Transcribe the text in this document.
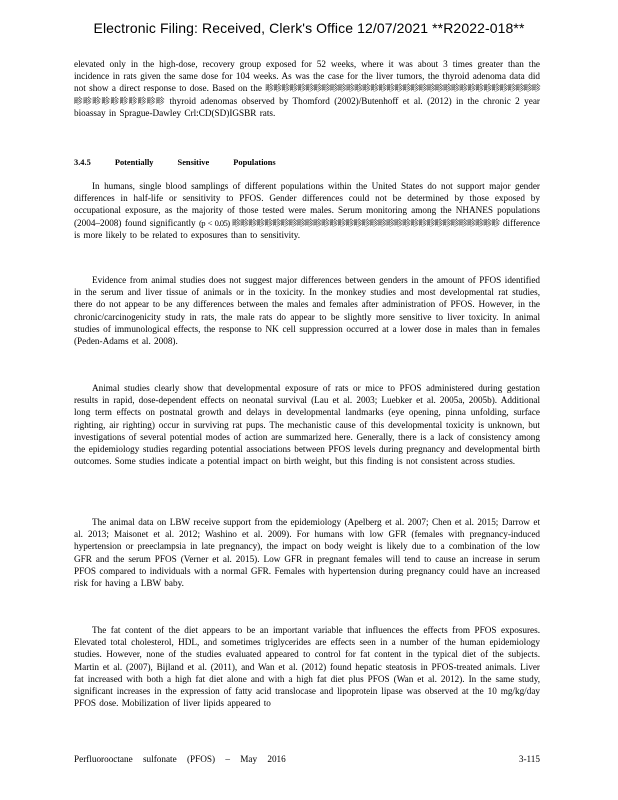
Electronic Filing: Received, Clerk's Office 12/07/2021 **R2022-018**

elevated only in the high-dose, recovery group exposed for 52 weeks, where it was about 3 times greater than the incidence in rats given the same dose for 104 weeks. As was the case for the liver tumors, the thyroid adenoma data did not show a direct response to dose. Based on the 畛畛畛畛畛畛畛畛畛畛畛畛畛畛畛畛畛畛畛畛畛畛畛畛畛畛畛畛畛畛畛畛畛畛畛畛畛畛畛畛畛畛畛畛 thyroid adenomas observed by Thomford (2002)/Butenhoff et al. (2012) in the chronic 2 year bioassay in Sprague-Dawley Crl:CD(SD)IGSBR rats.

3.4.5 Potentially Sensitive Populations

In humans, single blood samplings of different populations within the United States do not support major gender differences in half-life or sensitivity to PFOS. Gender differences could not be determined by those exposed by occupational exposure, as the majority of those tested were males. Serum monitoring among the NHANES populations (2004–2008) found significantly (p < 0.05) 畛畛畛畛畛畛畛畛畛畛畛畛畛畛畛畛畛畛畛畛畛畛畛畛畛畛畛畛畛畛畛畛畛 difference is more likely to be related to exposures than to sensitivity.

Evidence from animal studies does not suggest major differences between genders in the amount of PFOS identified in the serum and liver tissue of animals or in the toxicity. In the monkey studies and most developmental rat studies, there do not appear to be any differences between the males and females after administration of PFOS. However, in the chronic/carcinogenicity study in rats, the male rats do appear to be slightly more sensitive to liver toxicity. In animal studies of immunological effects, the response to NK cell suppression occurred at a lower dose in males than in females (Peden-Adams et al. 2008).

Animal studies clearly show that developmental exposure of rats or mice to PFOS administered during gestation results in rapid, dose-dependent effects on neonatal survival (Lau et al. 2003; Luebker et al. 2005a, 2005b). Additional long term effects on postnatal growth and delays in developmental landmarks (eye opening, pinna unfolding, surface righting, air righting) occur in surviving rat pups. The mechanistic cause of this developmental toxicity is unknown, but investigations of several potential modes of action are summarized here. Generally, there is a lack of consistency among the epidemiology studies regarding potential associations between PFOS levels during pregnancy and developmental birth outcomes. Some studies indicate a potential impact on birth weight, but this finding is not consistent across studies.

The animal data on LBW receive support from the epidemiology (Apelberg et al. 2007; Chen et al. 2015; Darrow et al. 2013; Maisonet et al. 2012; Washino et al. 2009). For humans with low GFR (females with pregnancy-induced hypertension or preeclampsia in late pregnancy), the impact on body weight is likely due to a combination of the low GFR and the serum PFOS (Verner et al. 2015). Low GFR in pregnant females will tend to cause an increase in serum PFOS compared to individuals with a normal GFR. Females with hypertension during pregnancy could have an increased risk for having a LBW baby.

The fat content of the diet appears to be an important variable that influences the effects from PFOS exposures. Elevated total cholesterol, HDL, and sometimes triglycerides are effects seen in a number of the human epidemiology studies. However, none of the studies evaluated appeared to control for fat content in the typical diet of the subjects. Martin et al. (2007), Bijland et al. (2011), and Wan et al. (2012) found hepatic steatosis in PFOS-treated animals. Liver fat increased with both a high fat diet alone and with a high fat diet plus PFOS (Wan et al. 2012). In the same study, significant increases in the expression of fatty acid translocase and lipoprotein lipase was observed at the 10 mg/kg/day PFOS dose. Mobilization of liver lipids appeared to

Perfluorooctane sulfonate (PFOS) – May 2016	3-115
